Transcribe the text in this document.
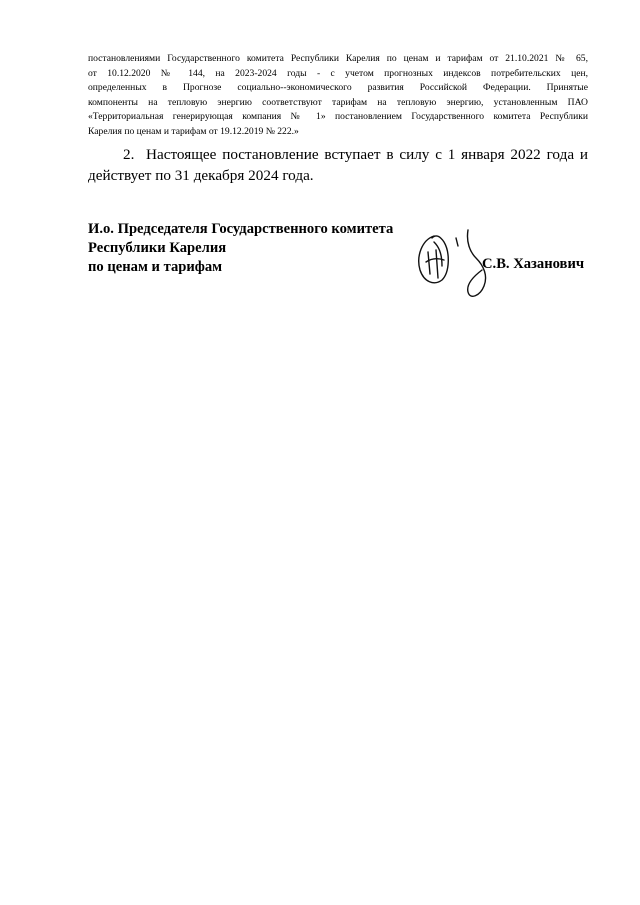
постановлениями Государственного комитета Республики Карелия по ценам и тарифам от 21.10.2021 № 65,
от 10.12.2020 № 144, на 2023-2024 годы - с учетом прогнозных индексов потребительских цен,
определенных в Прогнозе социально--экономического развития Российской Федерации. Принятые
компоненты на тепловую энергию соответствуют тарифам на тепловую энергию, установленным ПАО
«Территориальная генерирующая компания № 1» постановлением Государственного комитета Республики
Карелия по ценам и тарифам от 19.12.2019 № 222.»
2. Настоящее постановление вступает в силу с 1 января 2022 года и
действует по 31 декабря 2024 года.
И.о. Председателя Государственного комитета
Республики Карелия
по ценам и тарифам	С.В. Хазанович
